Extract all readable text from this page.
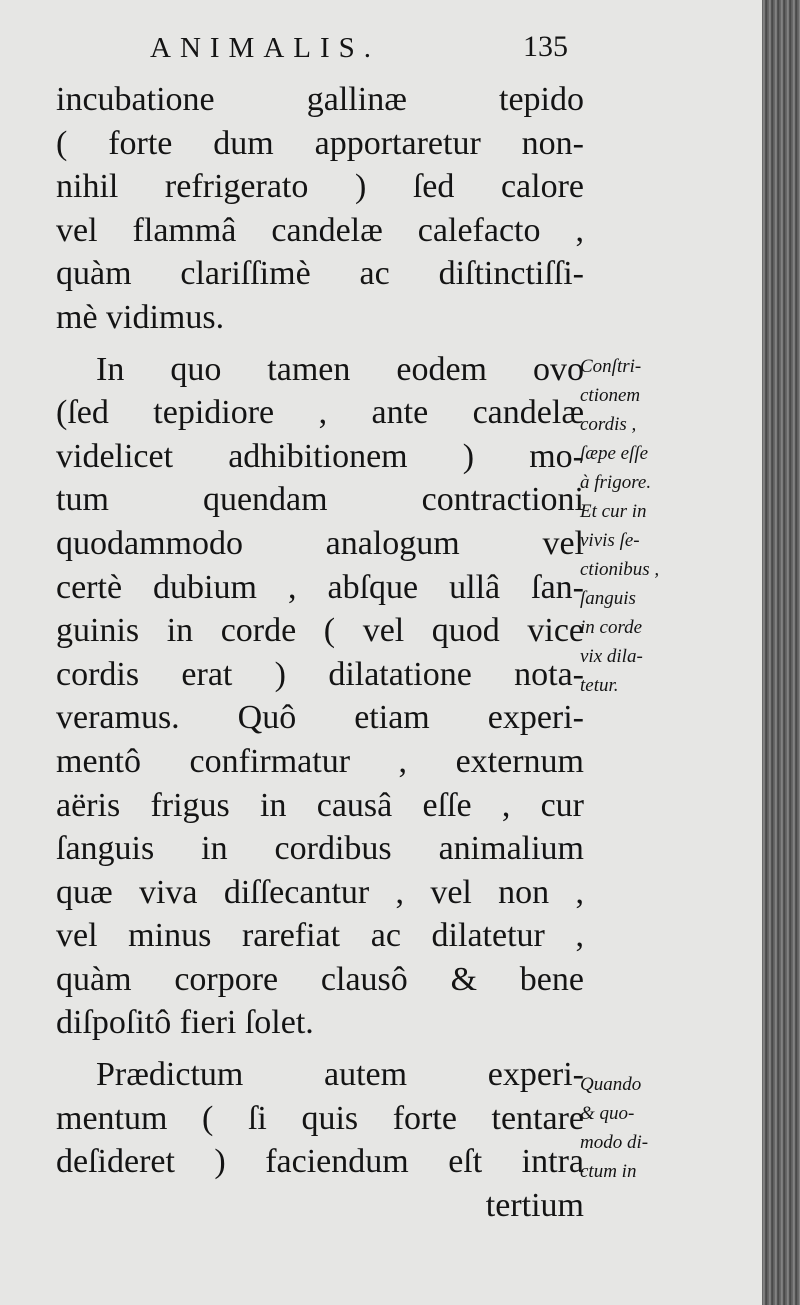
ANIMALIS.	135
incubatione gallinæ tepido
( forte dum apportaretur non-
nihil refrigerato ) ſed calore
vel flammâ candelæ calefacto ,
quàm clariſſimè ac diſtinctiſſi-
mè vidimus.
In quo tamen eodem ovo
(ſed tepidiore , ante candelæ
videlicet adhibitionem ) mo-
tum quendam contractioni
quodammodo analogum vel
certè dubium , abſque ullâ ſan-
guinis in corde ( vel quod vice
cordis erat ) dilatatione nota-
veramus. Quô etiam experi-
mentô confirmatur , externum
aëris frigus in causâ eſſe , cur
ſanguis in cordibus animalium
quæ viva diſſecantur , vel non ,
vel minus rarefiat ac dilatetur ,
quàm corpore clausô & bene
diſpoſitô fieri ſolet.
Prædictum autem experi-
mentum ( ſi quis forte tentare
deſideret ) faciendum eſt intra
tertium
Conſtri-
ctionem
cordis ,
ſæpe eſſe
à frigore.
Et cur in
vivis ſe-
ctionibus ,
ſanguis
in corde
vix dila-
tetur.
Quando
& quo-
modo di-
ctum in
